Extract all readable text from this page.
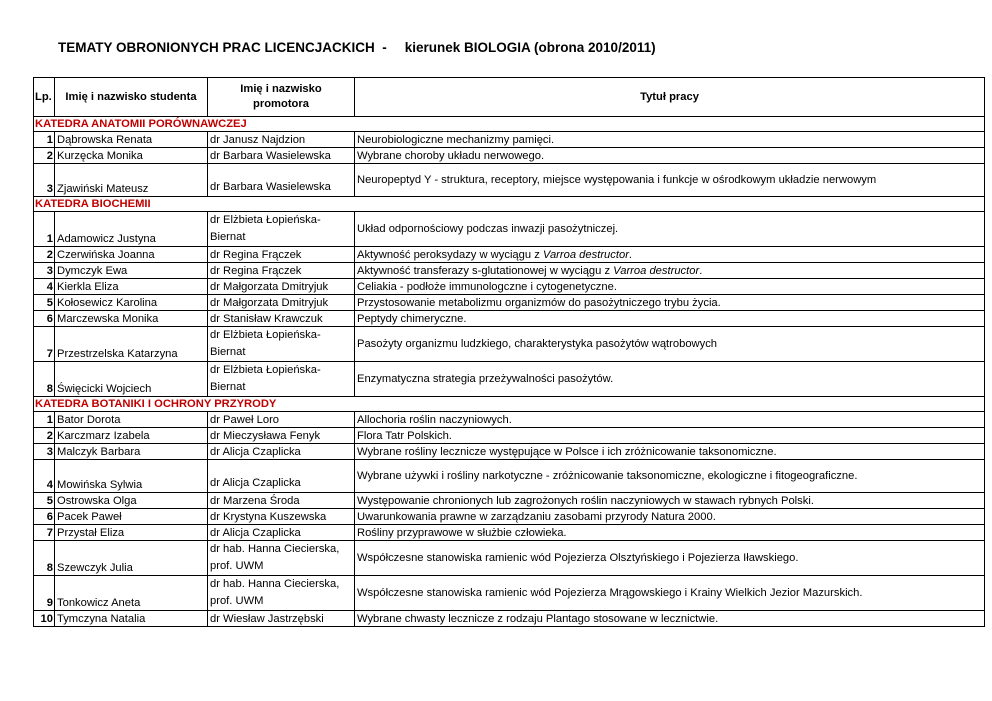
TEMATY OBRONIONYCH PRAC LICENCJACKICH  - kierunek BIOLOGIA (obrona 2010/2011)
Lp.	Imię i nazwisko studenta	Imię i nazwisko
promotora	Tytuł pracy
KATEDRA ANATOMII PORÓWNAWCZEJ			
1	Dąbrowska Renata	dr Janusz Najdzion	Neurobiologiczne mechanizmy pamięci.
2	Kurzęcka Monika	dr Barbara Wasielewska	Wybrane choroby układu nerwowego.
3	Zjawiński Mateusz	dr Barbara Wasielewska	Neuropeptyd Y - struktura, receptory, miejsce występowania i funkcje w ośrodkowym układzie nerwowym
KATEDRA BIOCHEMII			
1	Adamowicz Justyna	dr Elżbieta Łopieńska-
Biernat	Układ odpornościowy podczas inwazji pasożytniczej.
2	Czerwińska Joanna	dr Regina Frączek	Aktywność peroksydazy w wyciągu z Varroa destructor.
3	Dymczyk Ewa	dr Regina Frączek	Aktywność transferazy s-glutationowej w wyciągu z Varroa destructor.
4	Kierkla Eliza	dr Małgorzata Dmitryjuk	Celiakia - podłoże immunologczne i cytogenetyczne.
5	Kołosewicz Karolina	dr Małgorzata Dmitryjuk	Przystosowanie metabolizmu organizmów do pasożytniczego trybu życia.
6	Marczewska Monika	dr Stanisław Krawczuk	Peptydy chimeryczne.
7	Przestrzelska Katarzyna	dr Elżbieta Łopieńska-
Biernat	Pasożyty organizmu ludzkiego, charakterystyka pasożytów wątrobowych
8	Święcicki Wojciech	dr Elżbieta Łopieńska-
Biernat	Enzymatyczna strategia przeżywalności pasożytów.
KATEDRA BOTANIKI I OCHRONY PRZYRODY			
1	Bator Dorota	dr Paweł Loro	Allochoria roślin naczyniowych.
2	Karczmarz Izabela	dr Mieczysława Fenyk	Flora Tatr Polskich.
3	Malczyk Barbara	dr Alicja Czaplicka	Wybrane rośliny lecznicze występujące w Polsce i ich zróżnicowanie taksonomiczne.
4	Mowińska Sylwia	dr Alicja Czaplicka	Wybrane używki i rośliny narkotyczne - zróżnicowanie taksonomiczne, ekologiczne i fitogeograficzne.
5	Ostrowska Olga	dr Marzena Środa	Występowanie chronionych lub zagrożonych roślin naczyniowych w stawach rybnych Polski.
6	Pacek Paweł	dr Krystyna Kuszewska	Uwarunkowania prawne w zarządzaniu zasobami przyrody Natura 2000.
7	Przystał Eliza	dr Alicja Czaplicka	Rośliny przyprawowe w służbie człowieka.
8	Szewczyk Julia	dr hab. Hanna Ciecierska,
prof. UWM	Współczesne stanowiska ramienic wód Pojezierza Olsztyńskiego i Pojezierza Iławskiego.
9	Tonkowicz Aneta	dr hab. Hanna Ciecierska,
prof. UWM	Współczesne stanowiska ramienic wód Pojezierza Mrągowskiego i Krainy Wielkich Jezior Mazurskich.
10	Tymczyna Natalia	dr Wiesław Jastrzębski	Wybrane chwasty lecznicze z rodzaju Plantago stosowane w lecznictwie.
